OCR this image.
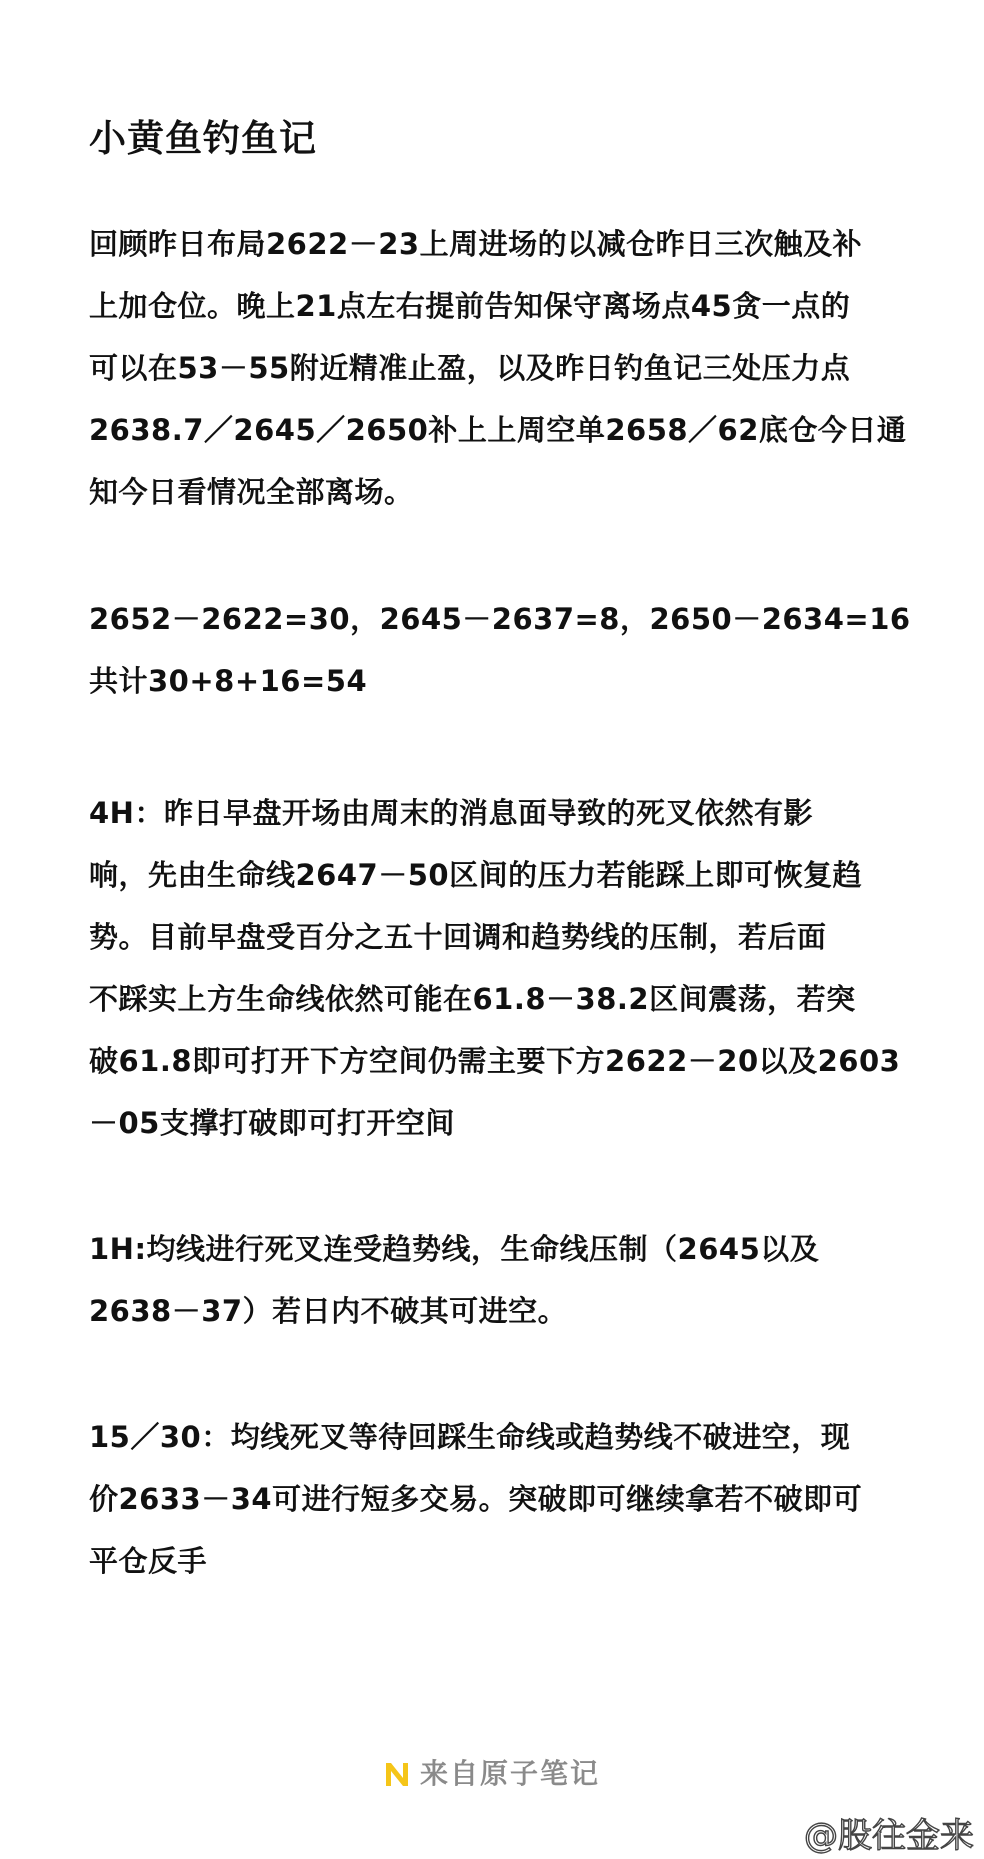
小黄鱼钓鱼记
回顾昨日布局2622－23上周进场的以减仓昨日三次触及补
上加仓位。晚上21点左右提前告知保守离场点45贪一点的
可以在53－55附近精准止盈，以及昨日钓鱼记三处压力点
2638.7／2645／2650补上上周空单2658／62底仓今日通
知今日看情况全部离场。
2652－2622=30，2645－2637=8，2650－2634=16
共计30+8+16=54
4H：昨日早盘开场由周末的消息面导致的死叉依然有影
响，先由生命线2647－50区间的压力若能踩上即可恢复趋
势。目前早盘受百分之五十回调和趋势线的压制，若后面
不踩实上方生命线依然可能在61.8－38.2区间震荡，若突
破61.8即可打开下方空间仍需主要下方2622－20以及2603
－05支撑打破即可打开空间
1H:均线进行死叉连受趋势线，生命线压制（2645以及
2638－37）若日内不破其可进空。
15／30：均线死叉等待回踩生命线或趋势线不破进空，现
价2633－34可进行短多交易。突破即可继续拿若不破即可
平仓反手
来自原子笔记
@股往金来
